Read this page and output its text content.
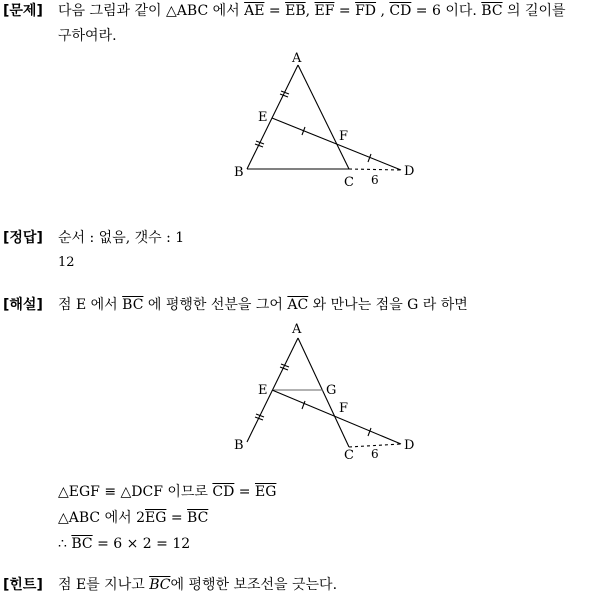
[문제] 다음 그림과 같이 △ABC 에서 $\overline{AE} = \overline{EB}$, $\overline{EF} = \overline{FD}$ , $\overline{CD} = 6$ 이다. $\overline{BC}$ 의 길이를
구하여라.
A
E
F
B
C 6
D
[정답] 순서 : 없음, 갯수 : 1
12
[해설] 점 E 에서 $\overline{BC}$ 에 평행한 선분을 그어 $\overline{AC}$ 와 만나는 점을 G 라 하면
A
E	G
F
B
C 6
D
△EGF ≡ △DCF 이므로 $\overline{CD} = \overline{EG}$
△ABC 에서 $2\overline{EG} = \overline{BC}$
∴ $\overline{BC} = 6 \times 2 = 12$
[힌트] 점 E를 지나고 $\overline{BC}$에 평행한 보조선을 긋는다.
